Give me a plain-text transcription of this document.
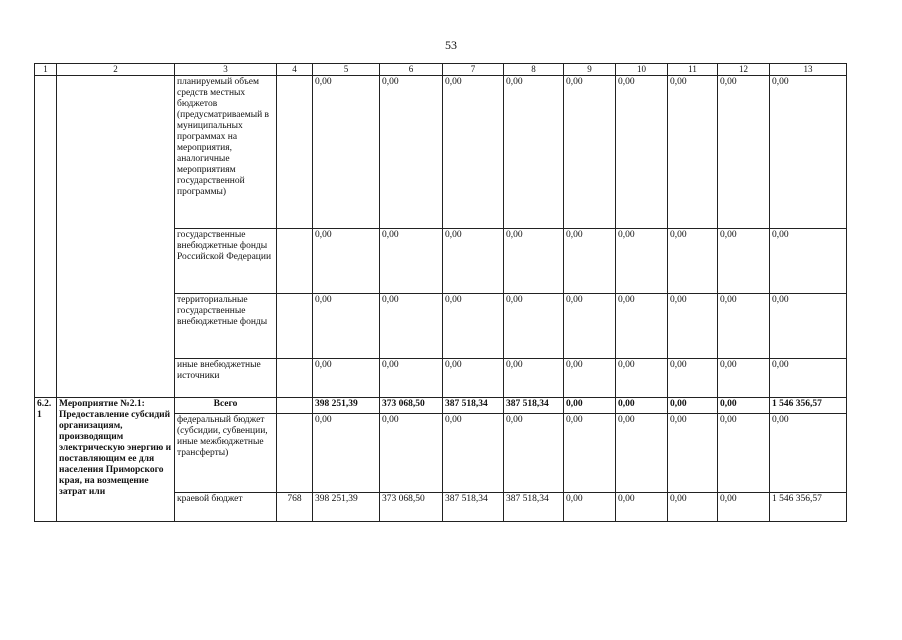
53
1	2	3	4	5	6	7	8	9	10	11	12	13
		планируемый объем средств местных бюджетов (предусматриваемый в муниципальных программах на мероприятия, аналогичные мероприятиям государственной программы)		0,00	0,00	0,00	0,00	0,00	0,00	0,00	0,00	0,00
		государственные внебюджетные фонды Российской Федерации		0,00	0,00	0,00	0,00	0,00	0,00	0,00	0,00	0,00
		территориальные государственные внебюджетные фонды		0,00	0,00	0,00	0,00	0,00	0,00	0,00	0,00	0,00
		иные внебюджетные источники		0,00	0,00	0,00	0,00	0,00	0,00	0,00	0,00	0,00
6.2.1	Мероприятие №2.1: Предоставление субсидий организациям, производящим электрическую энергию и поставляющим ее для населения Приморского края, на возмещение затрат или	Всего		398 251,39	373 068,50	387 518,34	387 518,34	0,00	0,00	0,00	0,00	1 546 356,57
		федеральный бюджет (субсидии, субвенции, иные межбюджетные трансферты)		0,00	0,00	0,00	0,00	0,00	0,00	0,00	0,00	0,00
		краевой бюджет	768	398 251,39	373 068,50	387 518,34	387 518,34	0,00	0,00	0,00	0,00	1 546 356,57
